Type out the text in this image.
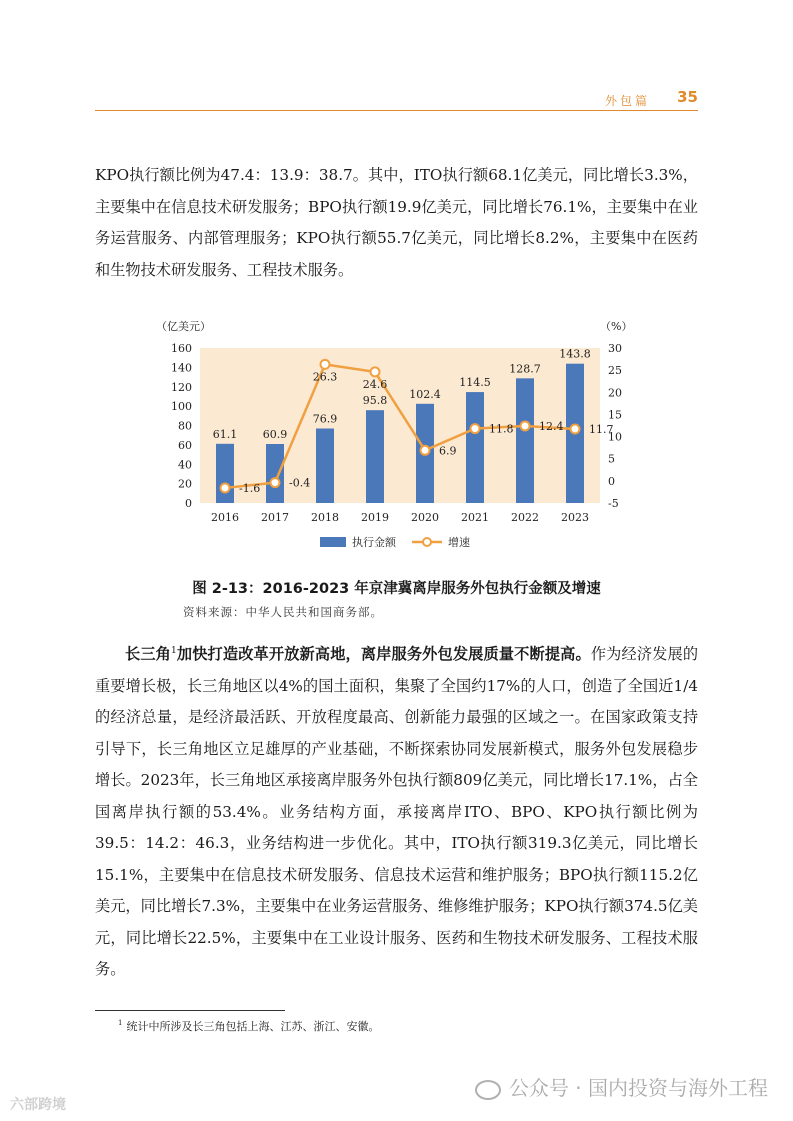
外包篇 35
KPO执行额比例为47.4：13.9：38.7。其中，ITO执行额68.1亿美元，同比增长3.3%，主要集中在信息技术研发服务；BPO执行额19.9亿美元，同比增长76.1%，主要集中在业务运营服务、内部管理服务；KPO执行额55.7亿美元，同比增长8.2%，主要集中在医药和生物技术研发服务、工程技术服务。
（亿美元）	（%）
0
20
40
60
80
100
120
140
160
-5
0
5
10
15
20
25
30
61.1
2016
60.9
2017
76.9
2018
95.8
2019
102.4
2020
114.5
2021
128.7
2022
143.8
2023
-1.6	-0.4
26.3
24.6
6.9
11.8 12.4 11.7
执行金额	增速
图 2-13：2016-2023 年京津冀离岸服务外包执行金额及增速
资料来源：中华人民共和国商务部。
长三角$^1$加快打造改革开放新高地，离岸服务外包发展质量不断提高。作为经济发展的重要增长极，长三角地区以4%的国土面积，集聚了全国约17%的人口，创造了全国近1/4的经济总量，是经济最活跃、开放程度最高、创新能力最强的区域之一。在国家政策支持引导下，长三角地区立足雄厚的产业基础，不断探索协同发展新模式，服务外包发展稳步增长。2023年，长三角地区承接离岸服务外包执行额809亿美元，同比增长17.1%，占全国离岸执行额的53.4%。业务结构方面，承接离岸ITO、BPO、KPO执行额比例为39.5：14.2：46.3，业务结构进一步优化。其中，ITO执行额319.3亿美元，同比增长15.1%，主要集中在信息技术研发服务、信息技术运营和维护服务；BPO执行额115.2亿美元，同比增长7.3%，主要集中在业务运营服务、维修维护服务；KPO执行额374.5亿美元，同比增长22.5%，主要集中在工业设计服务、医药和生物技术研发服务、工程技术服务。
$^1$ 统计中所涉及长三角包括上海、江苏、浙江、安徽。
公众号 · 国内投资与海外工程
六部跨境
